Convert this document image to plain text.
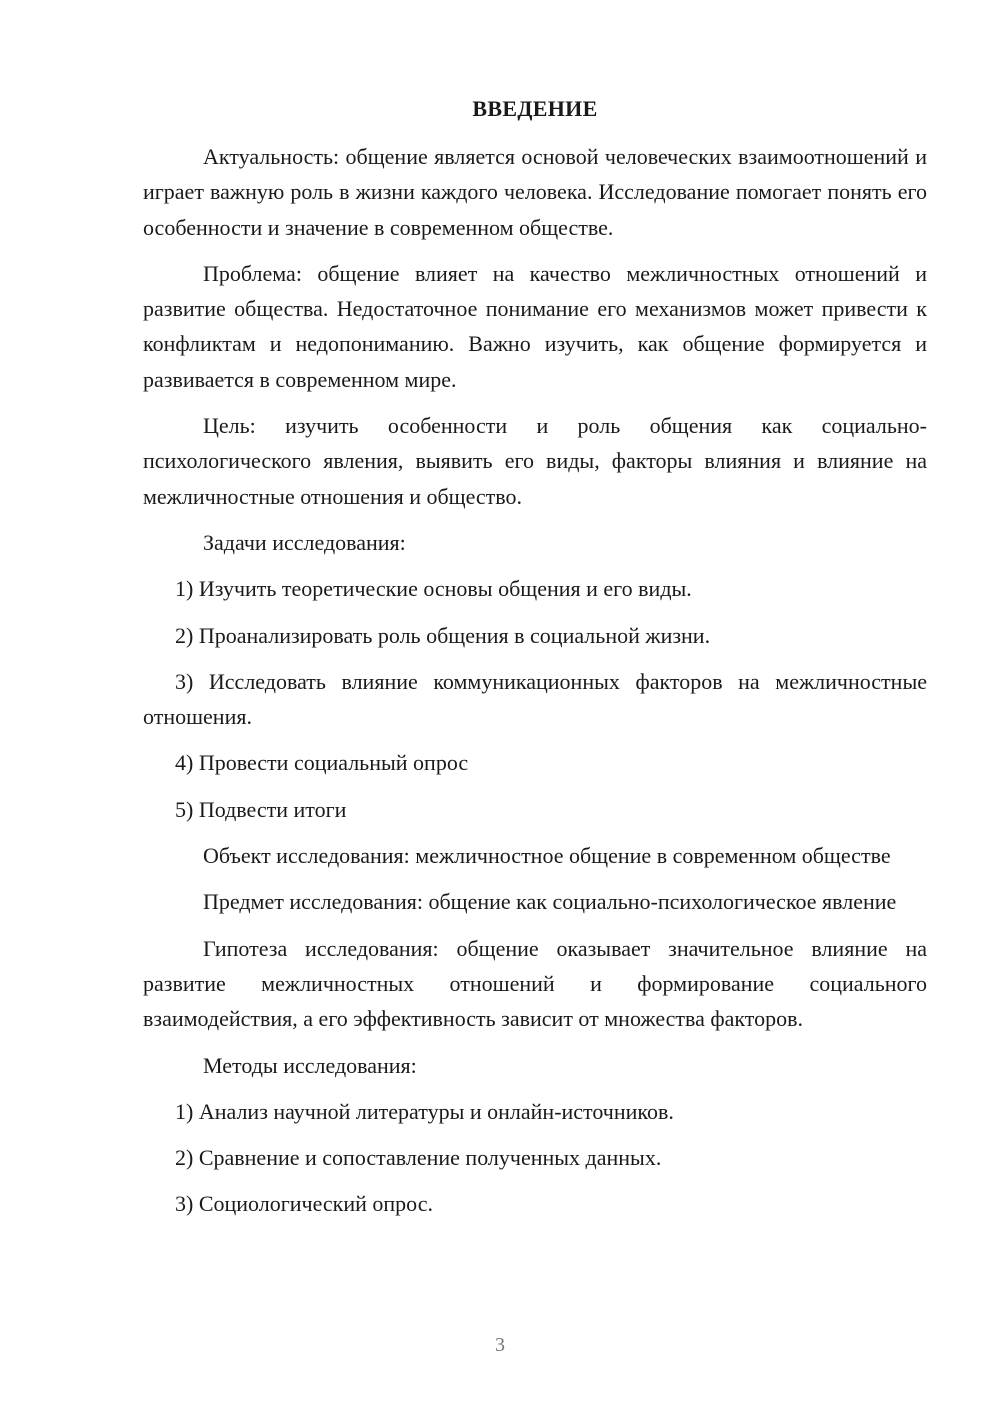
ВВЕДЕНИЕ

Актуальность: общение является основой человеческих взаимоотношений и играет важную роль в жизни каждого человека. Исследование помогает понять его особенности и значение в современном обществе.

Проблема: общение влияет на качество межличностных отношений и развитие общества. Недостаточное понимание его механизмов может привести к конфликтам и недопониманию. Важно изучить, как общение формируется и развивается в современном мире.

Цель: изучить особенности и роль общения как социально-психологического явления, выявить его виды, факторы влияния и влияние на межличностные отношения и общество.

Задачи исследования:

1) Изучить теоретические основы общения и его виды.

2) Проанализировать роль общения в социальной жизни.

3) Исследовать влияние коммуникационных факторов на межличностные отношения.

4) Провести социальный опрос

5) Подвести итоги

Объект исследования: межличностное общение в современном обществе

Предмет исследования: общение как социально-психологическое явление

Гипотеза исследования: общение оказывает значительное влияние на развитие межличностных отношений и формирование социального взаимодействия, а его эффективность зависит от множества факторов.

Методы исследования:

1) Анализ научной литературы и онлайн-источников.

2) Сравнение и сопоставление полученных данных.

3) Социологический опрос.

3
